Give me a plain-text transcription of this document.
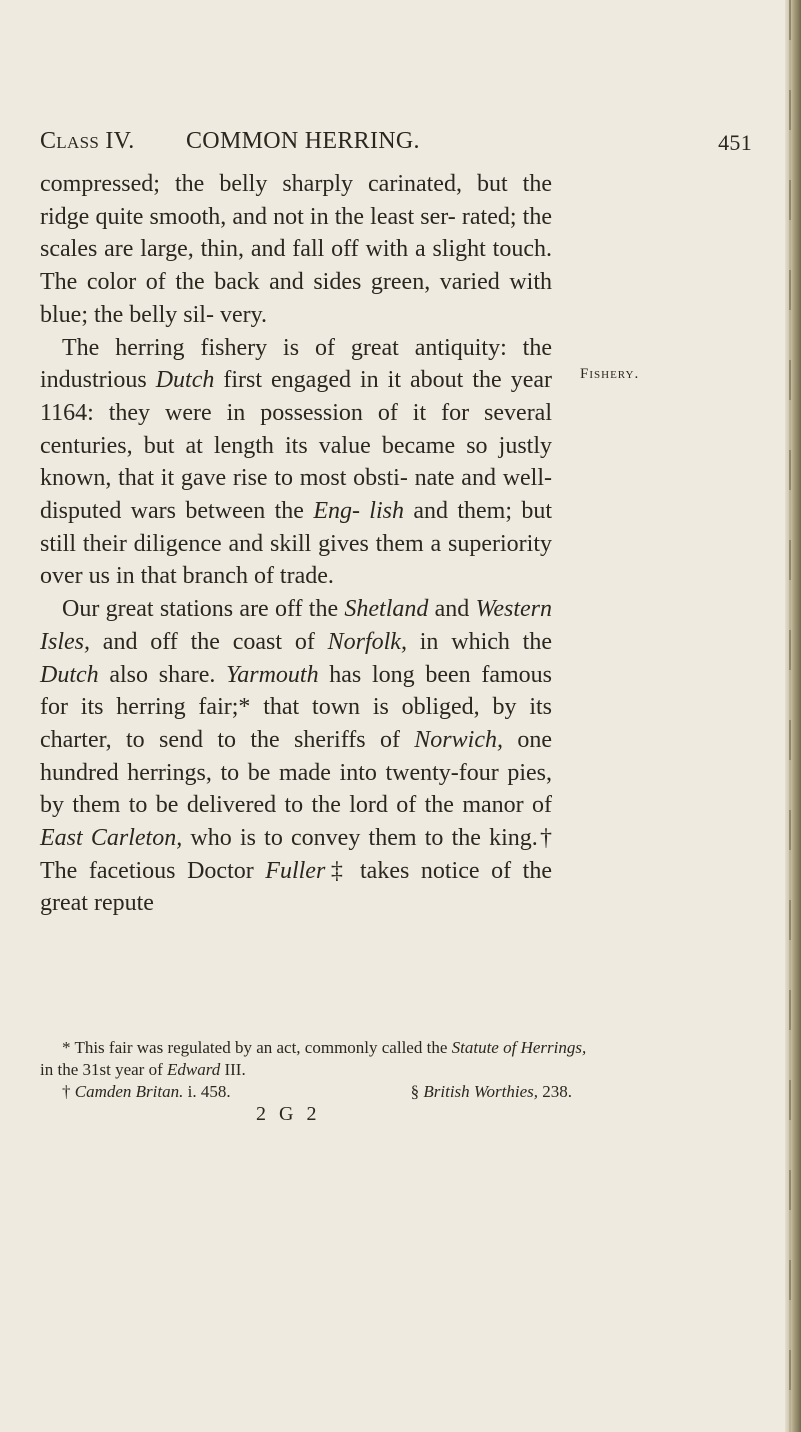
Class IV. COMMON HERRING.	451

compressed; the belly sharply carinated, but the ridge quite smooth, and not in the least ser- rated; the scales are large, thin, and fall off with a slight touch. The color of the back and sides green, varied with blue; the belly sil- very.

The herring fishery is of great antiquity: the industrious Dutch first engaged in it about the year 1164: they were in possession of it for several centuries, but at length its value became so justly known, that it gave rise to most obsti- nate and well-disputed wars between the Eng- lish and them; but still their diligence and skill gives them a superiority over us in that branch of trade.

Our great stations are off the Shetland and Western Isles, and off the coast of Norfolk, in which the Dutch also share. Yarmouth has long been famous for its herring fair;* that town is obliged, by its charter, to send to the sheriffs of Norwich, one hundred herrings, to be made into twenty-four pies, by them to be delivered to the lord of the manor of East Carleton, who is to convey them to the king.† The facetious Doctor Fuller‡ takes notice of the great repute

Fishery.

* This fair was regulated by an act, commonly called the Statute of Herrings, in the 31st year of Edward III.

† Camden Britan. i. 458.	§ British Worthies, 238.
2 G 2
